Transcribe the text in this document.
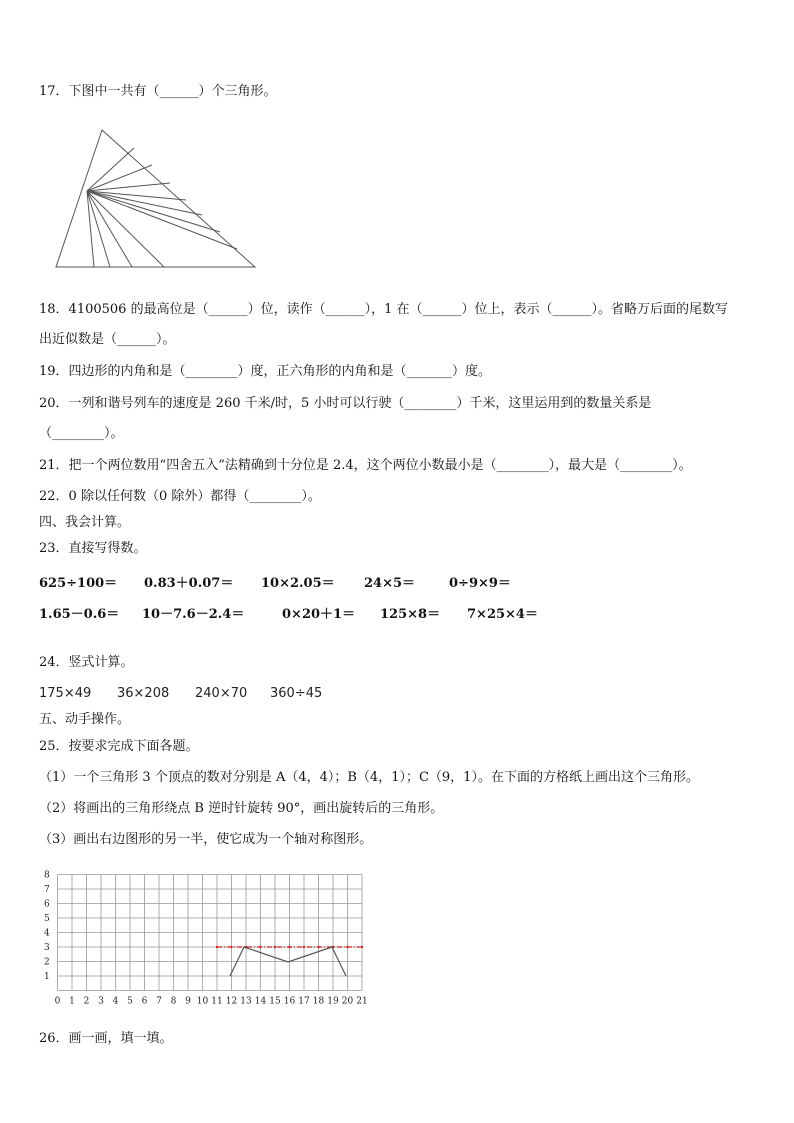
17．下图中一共有（______）个三角形。
18．4100506 的最高位是（______）位，读作（______），1 在（______）位上，表示（______）。省略万后面的尾数写
出近似数是（______）。
19．四边形的内角和是（________）度，正六角形的内角和是（_______）度。
20．一列和谐号列车的速度是 260 千米/时，5 小时可以行驶（________）千米，这里运用到的数量关系是
（________）。
21．把一个两位数用“四舍五入”法精确到十分位是 2.4，这个两位小数最小是（________），最大是（________）。
22．0 除以任何数（0 除外）都得（________）。
四、我会计算。
23．直接写得数。
625÷100＝ 0.83＋0.07＝ 10×2.05＝ 24×5＝	0÷9×9＝
1.65－0.6＝ 10－7.6－2.4＝	0×20＋1＝ 125×8＝ 7×25×4＝
24．竖式计算。
175×49 36×208 240×70 360÷45
五、动手操作。
25．按要求完成下面各题。
（1）一个三角形 3 个顶点的数对分别是 A（4，4）；B（4，1）；C（9，1）。在下面的方格纸上画出这个三角形。
（2）将画出的三角形绕点 B 逆时针旋转 90°，画出旋转后的三角形。
（3）画出右边图形的另一半，使它成为一个轴对称图形。
8
7
6
5
4
3
2
1
0 1 2 3 4 5 6 7 8 9 10 11 12 13 14 15 16 17 18 19 20 21
26．画一画，填一填。
